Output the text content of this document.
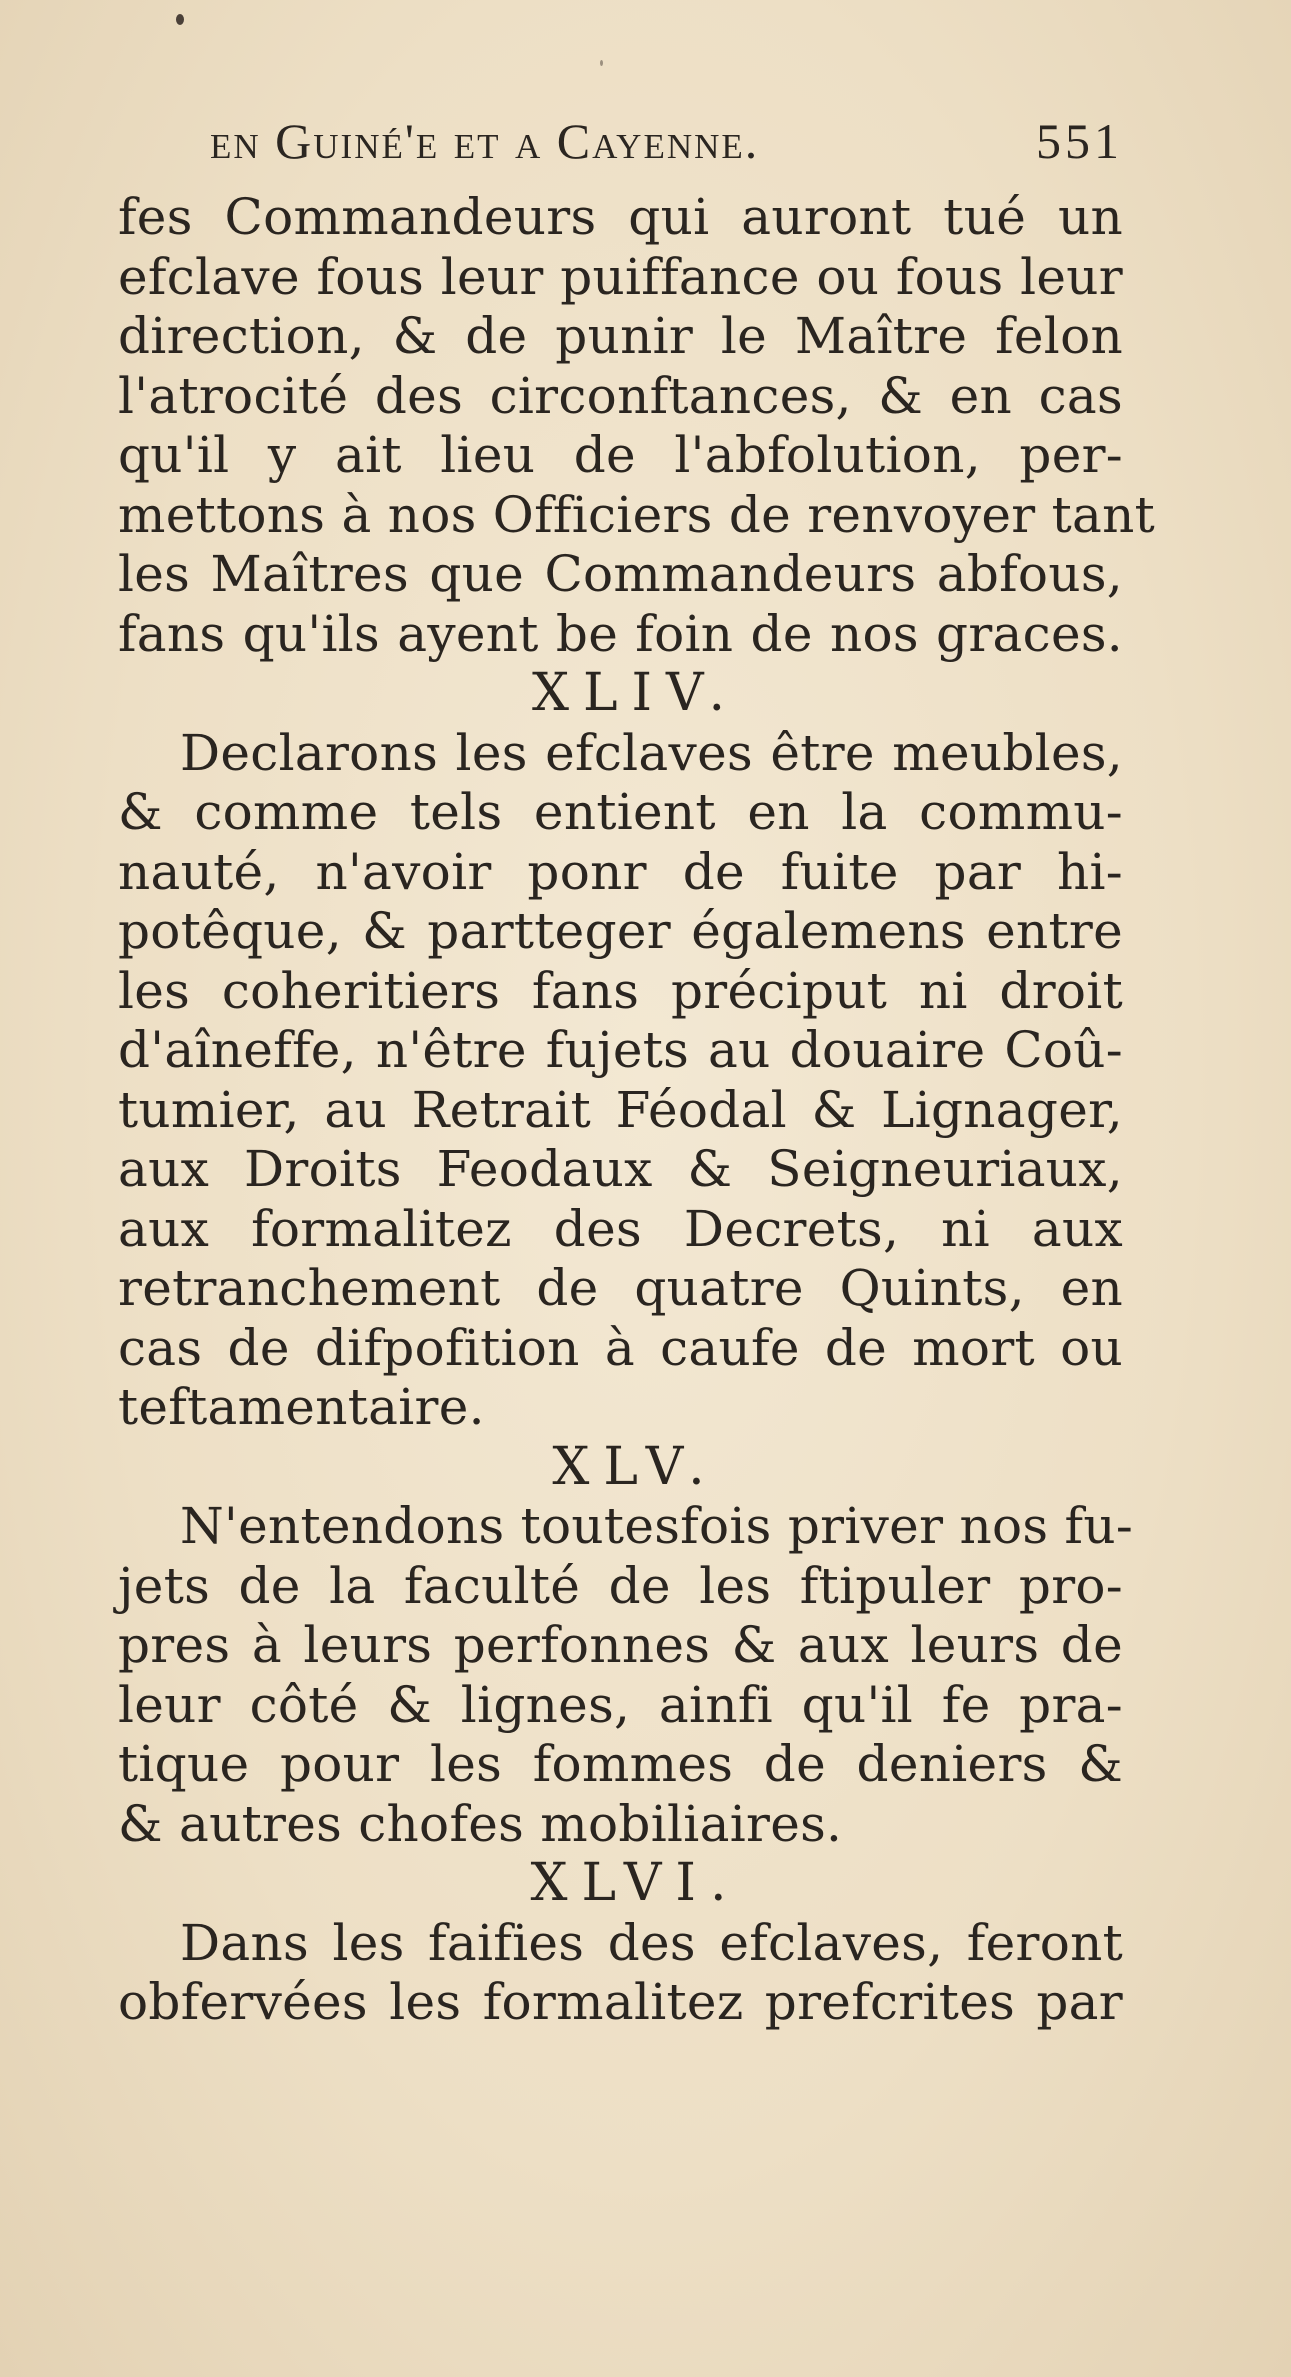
en Guiné'e et a Cayenne.	551
fes Commandeurs qui auront tué un
efclave fous leur puiffance ou fous leur
direction, & de punir le Maître felon
l'atrocité des circonftances, & en cas
qu'il y ait lieu de l'abfolution, per-
mettons à nos Officiers de renvoyer tant
les Maîtres que Commandeurs abfous,
fans qu'ils ayent be foin de nos graces.
XLIV.
Declarons les efclaves être meubles,
& comme tels entient en la commu-
nauté, n'avoir ponr de fuite par hi-
potêque, & partteger égalemens entre
les coheritiers fans préciput ni droit
d'aîneffe, n'être fujets au douaire Coû-
tumier, au Retrait Féodal & Lignager,
aux Droits Feodaux & Seigneuriaux,
aux formalitez des Decrets, ni aux
retranchement de quatre Quints, en
cas de difpofition à caufe de mort ou
teftamentaire.
XLV.
N'entendons toutesfois priver nos fu-
jets de la faculté de les ftipuler pro-
pres à leurs perfonnes & aux leurs de
leur côté & lignes, ainfi qu'il fe pra-
tique pour les fommes de deniers &
& autres chofes mobiliaires.
XLVI.
Dans les faifies des efclaves, feront
obfervées les formalitez prefcrites par
